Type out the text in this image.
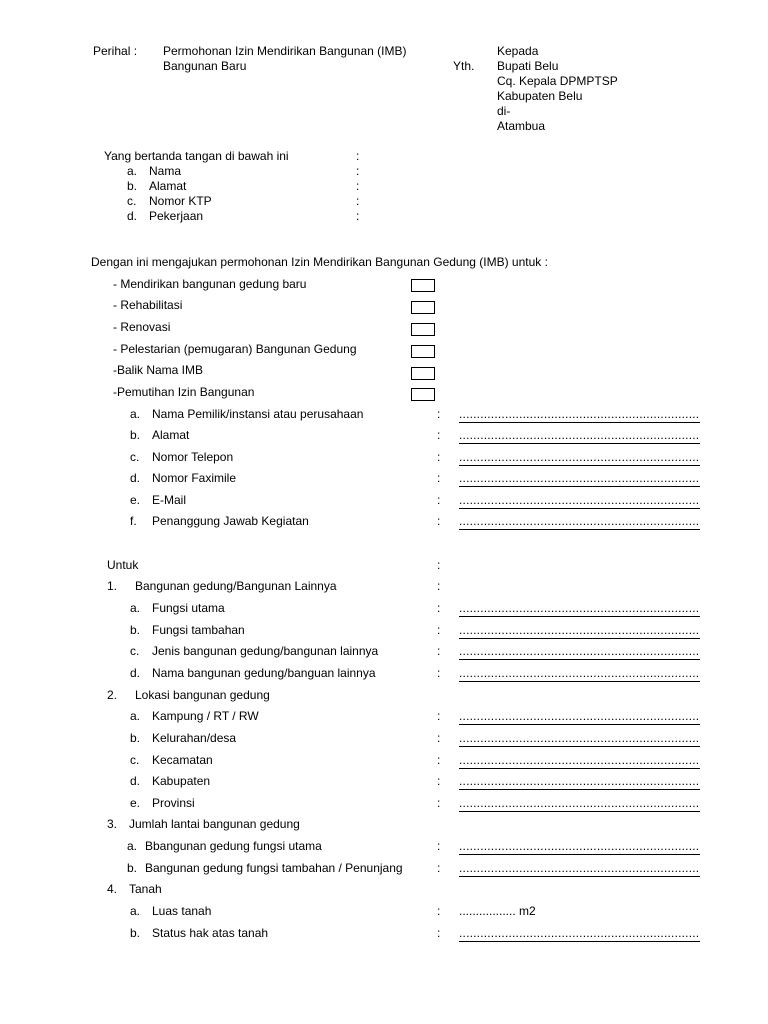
Perihal : Permohonan Izin Mendirikan Bangunan (IMB)
Bangunan Baru	Yth.
Kepada
Bupati Belu
Cq. Kepala DPMPTSP
Kabupaten Belu
di-
Atambua
Yang bertanda tangan di bawah ini	:
a. Nama	:
b. Alamat	:
c. Nomor KTP	:
d. Pekerjaan	:
Dengan ini mengajukan permohonan Izin Mendirikan Bangunan Gedung (IMB) untuk :
- Mendirikan bangunan gedung baru
- Rehabilitasi
- Renovasi
- Pelestarian (pemugaran) Bangunan Gedung
-Balik Nama IMB
-Pemutihan Izin Bangunan
a. Nama Pemilik/instansi atau perusahaan	:
.....
b. Alamat	:
.....
c. Nomor Telepon	:
.....
d. Nomor Faximile	:
.....
e. E-Mail	:
.....
f. Penanggung Jawab Kegiatan	:
.....
Untuk	:
1. Bangunan gedung/Bangunan Lainnya	:
a. Fungsi utama	:
.....
b. Fungsi tambahan	:
.....
c. Jenis bangunan gedung/bangunan lainnya	:
.....
d. Nama bangunan gedung/banguan lainnya	:
.....
2. Lokasi bangunan gedung
a. Kampung / RT / RW	:
.....
b. Kelurahan/desa	:
.....
c. Kecamatan	:
.....
d. Kabupaten	:
.....
e. Provinsi	:
.....
3. Jumlah lantai bangunan gedung
a. Bbangunan gedung fungsi utama	:
.....
b. Bangunan gedung fungsi tambahan / Penunjang	:
.....
4. Tanah
a. Luas tanah	: ................. m2
b. Status hak atas tanah	:
.....
